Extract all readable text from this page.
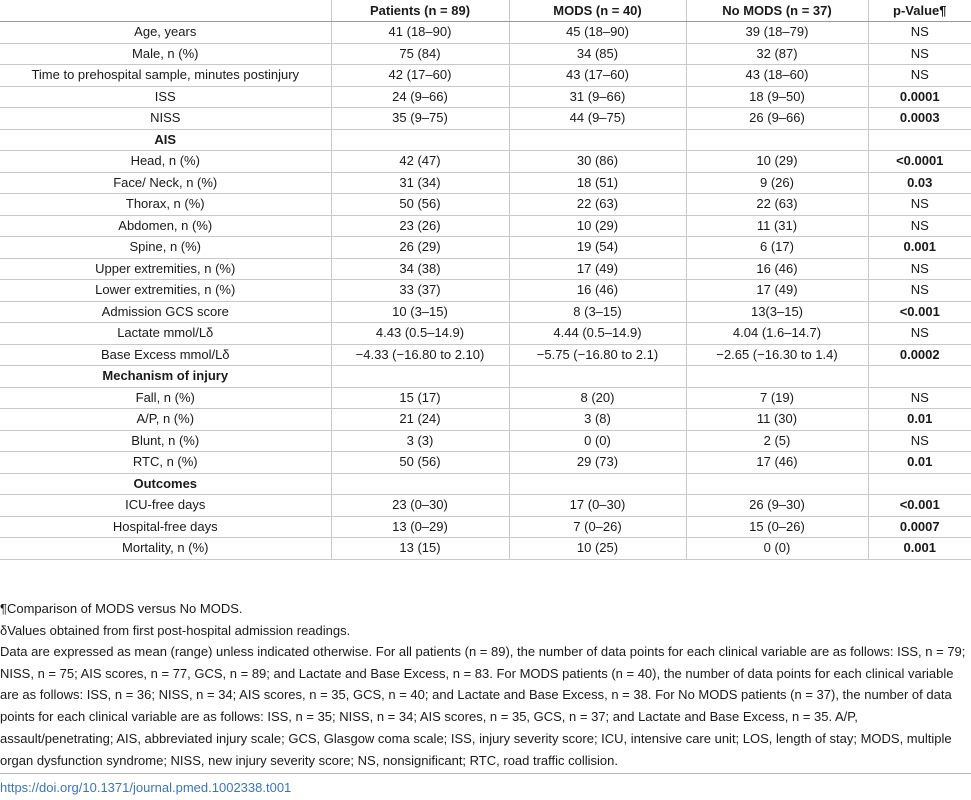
	Patients (n = 89)	MODS (n = 40)	No MODS (n = 37)	p-Value¶
Age, years	41 (18–90)	45 (18–90)	39 (18–79)	NS
Male, n (%)	75 (84)	34 (85)	32 (87)	NS
Time to prehospital sample, minutes postinjury	42 (17–60)	43 (17–60)	43 (18–60)	NS
ISS	24 (9–66)	31 (9–66)	18 (9–50)	0.0001
NISS	35 (9–75)	44 (9–75)	26 (9–66)	0.0003
AIS				
Head, n (%)	42 (47)	30 (86)	10 (29)	<0.0001
Face/ Neck, n (%)	31 (34)	18 (51)	9 (26)	0.03
Thorax, n (%)	50 (56)	22 (63)	22 (63)	NS
Abdomen, n (%)	23 (26)	10 (29)	11 (31)	NS
Spine, n (%)	26 (29)	19 (54)	6 (17)	0.001
Upper extremities, n (%)	34 (38)	17 (49)	16 (46)	NS
Lower extremities, n (%)	33 (37)	16 (46)	17 (49)	NS
Admission GCS score	10 (3–15)	8 (3–15)	13(3–15)	<0.001
Lactate mmol/Lδ	4.43 (0.5–14.9)	4.44 (0.5–14.9)	4.04 (1.6–14.7)	NS
Base Excess mmol/Lδ	−4.33 (−16.80 to 2.10)	−5.75 (−16.80 to 2.1)	−2.65 (−16.30 to 1.4)	0.0002
Mechanism of injury				
Fall, n (%)	15 (17)	8 (20)	7 (19)	NS
A/P, n (%)	21 (24)	3 (8)	11 (30)	0.01
Blunt, n (%)	3 (3)	0 (0)	2 (5)	NS
RTC, n (%)	50 (56)	29 (73)	17 (46)	0.01
Outcomes				
ICU-free days	23 (0–30)	17 (0–30)	26 (9–30)	<0.001
Hospital-free days	13 (0–29)	7 (0–26)	15 (0–26)	0.0007
Mortality, n (%)	13 (15)	10 (25)	0 (0)	0.001

¶Comparison of MODS versus No MODS.

δValues obtained from first post-hospital admission readings.

Data are expressed as mean (range) unless indicated otherwise. For all patients (n = 89), the number of data points for each clinical variable are as follows: ISS, n = 79; NISS, n = 75; AIS scores, n = 77, GCS, n = 89; and Lactate and Base Excess, n = 83. For MODS patients (n = 40), the number of data points for each clinical variable are as follows: ISS, n = 36; NISS, n = 34; AIS scores, n = 35, GCS, n = 40; and Lactate and Base Excess, n = 38. For No MODS patients (n = 37), the number of data points for each clinical variable are as follows: ISS, n = 35; NISS, n = 34; AIS scores, n = 35, GCS, n = 37; and Lactate and Base Excess, n = 35. A/P, assault/penetrating; AIS, abbreviated injury scale; GCS, Glasgow coma scale; ISS, injury severity score; ICU, intensive care unit; LOS, length of stay; MODS, multiple organ dysfunction syndrome; NISS, new injury severity score; NS, nonsignificant; RTC, road traffic collision.

https://doi.org/10.1371/journal.pmed.1002338.t001
